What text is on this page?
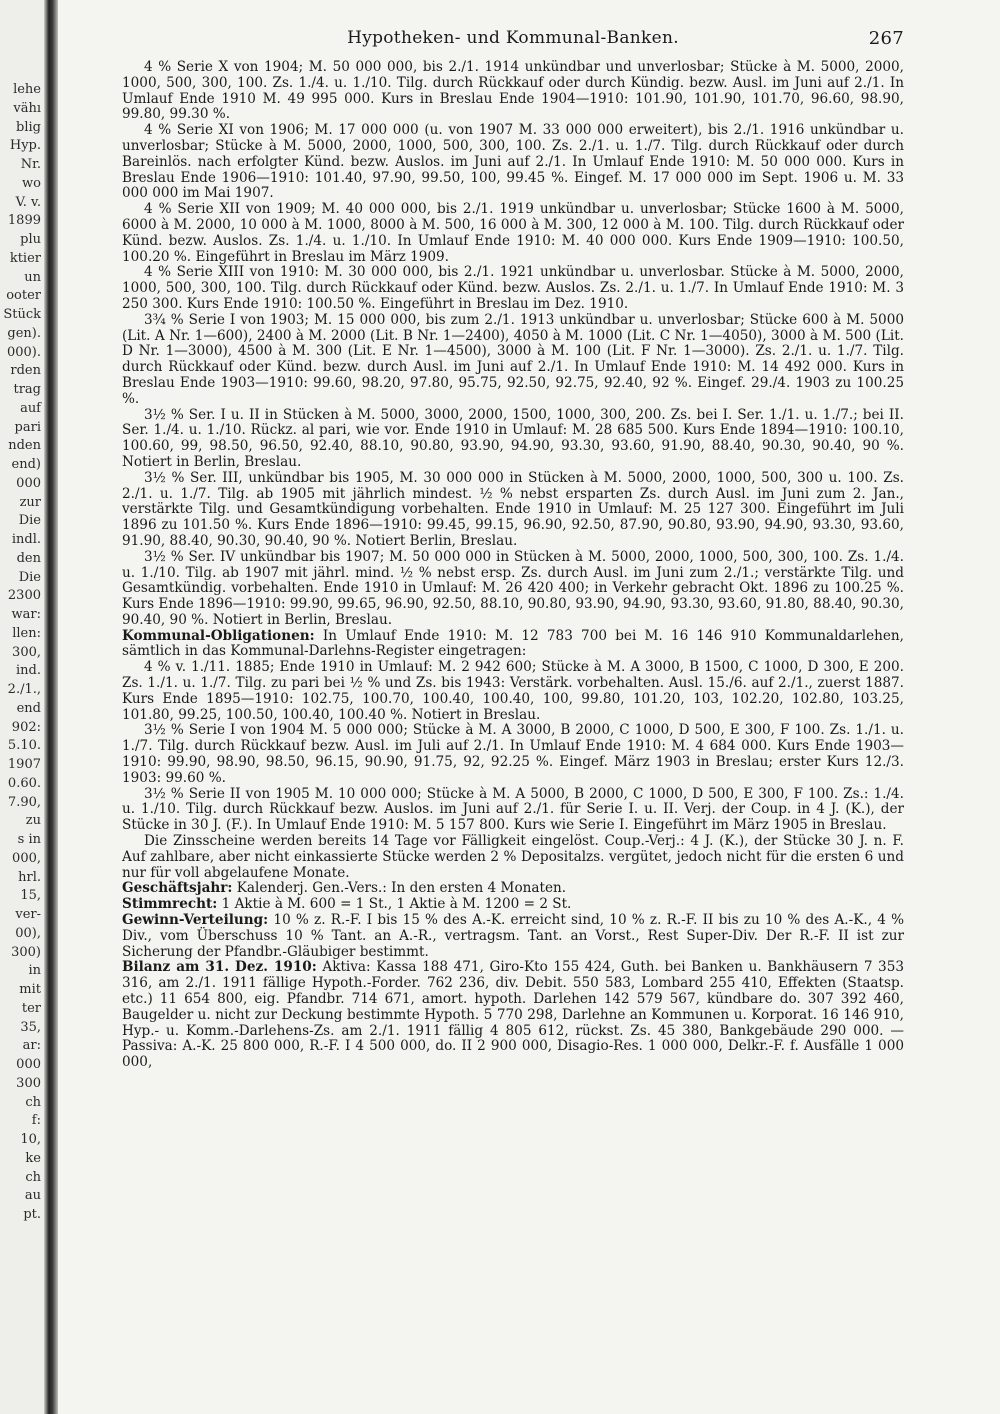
lehe
vähı
blig
Hyp.
Nr.
wo
V. v.
1899
plu
ktier
un
ooter
Stück
gen).
000).
rden
trag
auf
pari
nden
end)
000
zur
Die
indl.
den
Die
2300
war:
llen:
300,
ind.
2./1.,
end
902:
5.10.
1907
0.60.
7.90,
zu
s in
000,
hrl.
15,
ver-
00),
300)
in
mit
ter
35,
ar:
000
300
ch
f:
10,
ke
ch
au
pt.
Hypotheken- und Kommunal-Banken.	267

4 % Serie X von 1904; M. 50 000 000, bis 2./1. 1914 unkündbar und unverlosbar; Stücke à M. 5000, 2000, 1000, 500, 300, 100. Zs. 1./4. u. 1./10. Tilg. durch Rückkauf oder durch Kündig. bezw. Ausl. im Juni auf 2./1. In Umlauf Ende 1910 M. 49 995 000. Kurs in Breslau Ende 1904—1910: 101.90, 101.90, 101.70, 96.60, 98.90, 99.80, 99.30 %.

4 % Serie XI von 1906; M. 17 000 000 (u. von 1907 M. 33 000 000 erweitert), bis 2./1. 1916 unkündbar u. unverlosbar; Stücke à M. 5000, 2000, 1000, 500, 300, 100. Zs. 2./1. u. 1./7. Tilg. durch Rückkauf oder durch Bareinlös. nach erfolgter Künd. bezw. Auslos. im Juni auf 2./1. In Umlauf Ende 1910: M. 50 000 000. Kurs in Breslau Ende 1906—1910: 101.40, 97.90, 99.50, 100, 99.45 %. Eingef. M. 17 000 000 im Sept. 1906 u. M. 33 000 000 im Mai 1907.

4 % Serie XII von 1909; M. 40 000 000, bis 2./1. 1919 unkündbar u. unverlosbar; Stücke 1600 à M. 5000, 6000 à M. 2000, 10 000 à M. 1000, 8000 à M. 500, 16 000 à M. 300, 12 000 à M. 100. Tilg. durch Rückkauf oder Künd. bezw. Auslos. Zs. 1./4. u. 1./10. In Umlauf Ende 1910: M. 40 000 000. Kurs Ende 1909—1910: 100.50, 100.20 %. Eingeführt in Breslau im März 1909.

4 % Serie XIII von 1910: M. 30 000 000, bis 2./1. 1921 unkündbar u. unverlosbar. Stücke à M. 5000, 2000, 1000, 500, 300, 100. Tilg. durch Rückkauf oder Künd. bezw. Auslos. Zs. 2./1. u. 1./7. In Umlauf Ende 1910: M. 3 250 300. Kurs Ende 1910: 100.50 %. Eingeführt in Breslau im Dez. 1910.

3¾ % Serie I von 1903; M. 15 000 000, bis zum 2./1. 1913 unkündbar u. unverlosbar; Stücke 600 à M. 5000 (Lit. A Nr. 1—600), 2400 à M. 2000 (Lit. B Nr. 1—2400), 4050 à M. 1000 (Lit. C Nr. 1—4050), 3000 à M. 500 (Lit. D Nr. 1—3000), 4500 à M. 300 (Lit. E Nr. 1—4500), 3000 à M. 100 (Lit. F Nr. 1—3000). Zs. 2./1. u. 1./7. Tilg. durch Rückkauf oder Künd. bezw. durch Ausl. im Juni auf 2./1. In Umlauf Ende 1910: M. 14 492 000. Kurs in Breslau Ende 1903—1910: 99.60, 98.20, 97.80, 95.75, 92.50, 92.75, 92.40, 92 %. Eingef. 29./4. 1903 zu 100.25 %.

3½ % Ser. I u. II in Stücken à M. 5000, 3000, 2000, 1500, 1000, 300, 200. Zs. bei I. Ser. 1./1. u. 1./7.; bei II. Ser. 1./4. u. 1./10. Rückz. al pari, wie vor. Ende 1910 in Umlauf: M. 28 685 500. Kurs Ende 1894—1910: 100.10, 100.60, 99, 98.50, 96.50, 92.40, 88.10, 90.80, 93.90, 94.90, 93.30, 93.60, 91.90, 88.40, 90.30, 90.40, 90 %. Notiert in Berlin, Breslau.

3½ % Ser. III, unkündbar bis 1905, M. 30 000 000 in Stücken à M. 5000, 2000, 1000, 500, 300 u. 100. Zs. 2./1. u. 1./7. Tilg. ab 1905 mit jährlich mindest. ½ % nebst ersparten Zs. durch Ausl. im Juni zum 2. Jan., verstärkte Tilg. und Gesamtkündigung vorbehalten. Ende 1910 in Umlauf: M. 25 127 300. Eingeführt im Juli 1896 zu 101.50 %. Kurs Ende 1896—1910: 99.45, 99.15, 96.90, 92.50, 87.90, 90.80, 93.90, 94.90, 93.30, 93.60, 91.90, 88.40, 90.30, 90.40, 90 %. Notiert Berlin, Breslau.

3½ % Ser. IV unkündbar bis 1907; M. 50 000 000 in Stücken à M. 5000, 2000, 1000, 500, 300, 100. Zs. 1./4. u. 1./10. Tilg. ab 1907 mit jährl. mind. ½ % nebst ersp. Zs. durch Ausl. im Juni zum 2./1.; verstärkte Tilg. und Gesamtkündig. vorbehalten. Ende 1910 in Umlauf: M. 26 420 400; in Verkehr gebracht Okt. 1896 zu 100.25 %. Kurs Ende 1896—1910: 99.90, 99.65, 96.90, 92.50, 88.10, 90.80, 93.90, 94.90, 93.30, 93.60, 91.80, 88.40, 90.30, 90.40, 90 %. Notiert in Berlin, Breslau.

Kommunal-Obligationen: In Umlauf Ende 1910: M. 12 783 700 bei M. 16 146 910 Kommunaldarlehen, sämtlich in das Kommunal-Darlehns-Register eingetragen:

4 % v. 1./11. 1885; Ende 1910 in Umlauf: M. 2 942 600; Stücke à M. A 3000, B 1500, C 1000, D 300, E 200. Zs. 1./1. u. 1./7. Tilg. zu pari bei ½ % und Zs. bis 1943: Verstärk. vorbehalten. Ausl. 15./6. auf 2./1., zuerst 1887. Kurs Ende 1895—1910: 102.75, 100.70, 100.40, 100.40, 100, 99.80, 101.20, 103, 102.20, 102.80, 103.25, 101.80, 99.25, 100.50, 100.40, 100.40 %. Notiert in Breslau.

3½ % Serie I von 1904 M. 5 000 000; Stücke à M. A 3000, B 2000, C 1000, D 500, E 300, F 100. Zs. 1./1. u. 1./7. Tilg. durch Rückkauf bezw. Ausl. im Juli auf 2./1. In Umlauf Ende 1910: M. 4 684 000. Kurs Ende 1903—1910: 99.90, 98.90, 98.50, 96.15, 90.90, 91.75, 92, 92.25 %. Eingef. März 1903 in Breslau; erster Kurs 12./3. 1903: 99.60 %.

3½ % Serie II von 1905 M. 10 000 000; Stücke à M. A 5000, B 2000, C 1000, D 500, E 300, F 100. Zs.: 1./4. u. 1./10. Tilg. durch Rückkauf bezw. Auslos. im Juni auf 2./1. für Serie I. u. II. Verj. der Coup. in 4 J. (K.), der Stücke in 30 J. (F.). In Umlauf Ende 1910: M. 5 157 800. Kurs wie Serie I. Eingeführt im März 1905 in Breslau.

Die Zinsscheine werden bereits 14 Tage vor Fälligkeit eingelöst. Coup.-Verj.: 4 J. (K.), der Stücke 30 J. n. F. Auf zahlbare, aber nicht einkassierte Stücke werden 2 % Depositalzs. vergütet, jedoch nicht für die ersten 6 und nur für voll abgelaufene Monate.

Geschäftsjahr: Kalenderj. Gen.-Vers.: In den ersten 4 Monaten.

Stimmrecht: 1 Aktie à M. 600 = 1 St., 1 Aktie à M. 1200 = 2 St.

Gewinn-Verteilung: 10 % z. R.-F. I bis 15 % des A.-K. erreicht sind, 10 % z. R.-F. II bis zu 10 % des A.-K., 4 % Div., vom Überschuss 10 % Tant. an A.-R., vertragsm. Tant. an Vorst., Rest Super-Div. Der R.-F. II ist zur Sicherung der Pfandbr.-Gläubiger bestimmt.

Bilanz am 31. Dez. 1910: Aktiva: Kassa 188 471, Giro-Kto 155 424, Guth. bei Banken u. Bankhäusern 7 353 316, am 2./1. 1911 fällige Hypoth.-Forder. 762 236, div. Debit. 550 583, Lombard 255 410, Effekten (Staatsp. etc.) 11 654 800, eig. Pfandbr. 714 671, amort. hypoth. Darlehen 142 579 567, kündbare do. 307 392 460, Baugelder u. nicht zur Deckung bestimmte Hypoth. 5 770 298, Darlehne an Kommunen u. Korporat. 16 146 910, Hyp.- u. Komm.-Darlehens-Zs. am 2./1. 1911 fällig 4 805 612, rückst. Zs. 45 380, Bankgebäude 290 000. — Passiva: A.-K. 25 800 000, R.-F. I 4 500 000, do. II 2 900 000, Disagio-Res. 1 000 000, Delkr.-F. f. Ausfälle 1 000 000,
